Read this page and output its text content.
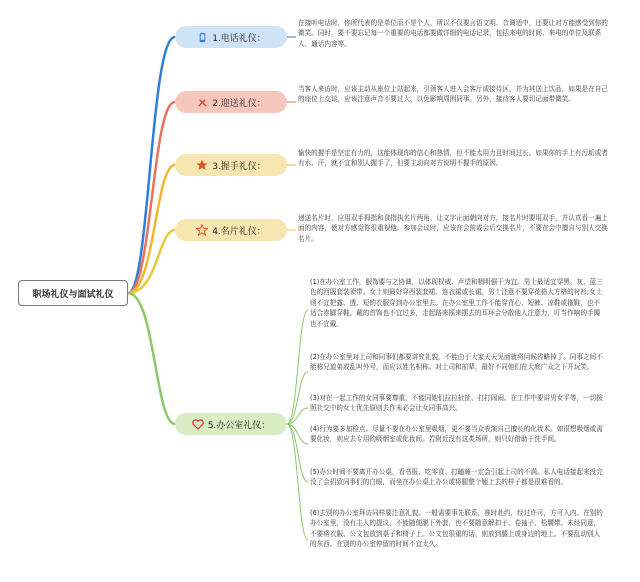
职场礼仪与面试礼仪
1.电话礼仪：
在接听电话时，你所代表的是单位而不是个人，所以不仅要言语文明、音调适中，还要让对方能感受到你的微笑。同时，要不要忘记每一个重要的电话都要做详细的电话记录，包括来电的时间、来电的单位及联系人、通话内容等。
2.迎送礼仪：
当客人来访时，应该主动从座位上站起来，引领客人进入会客厅或接待区，并为其送上饮品，如果是在自己的座位上交谈，应该注意声音不要过大，以免影响周围同事。另外，接待客人要切记面带微笑。
3.握手礼仪：
愉快的握手是坚定有力的，这能体现你的信心和热情，但不能太用力且时间过长。如果你的手上有污垢或者有水、汗，就不宜和别人握手了，但要主动向对方说明不握手的原因。
4.名片礼仪：
递送名片时，应用双手拇指和食指执名片两角，让文字正面朝向对方，接名片时要用双手，并认真看一遍上面的内容，使对方感觉你很重视他。参加会议时，应该在会前或会后交换名片，不要在会中擅自与别人交换名片。
5.办公室礼仪：
(1)在办公室工作，服饰要与之协调，以体现权威、声望和精明强干为宜。男士最适宜穿黑、灰、蓝三色的西服套装领带。女士则最好穿西装套裙、连衣裙或长裙。男士注意不要穿花格大方格的衬衫;女士则不宜把露、透、短的衣服穿到办公室里去。在办公室里工作不能穿背心、短裤、凉鞋或拖鞋，也不适合赤脚穿鞋。戴的首饰也不宜过多，走起路来摇来摆去的耳环会分散他人注意力，叮当作响的手镯也不宜戴。
(2)在办公室里对上司和同事们都要讲究礼貌，不能由于大家天天见面就将问候省略掉了。同事之间不能称兄道弟或乱叫外号，而应以姓名相称。对上司和前辈，最好不同他们在大庭广众之下开玩笑。
(3)对在一起工作的女同事要尊重，不能同她们拉拉扯扯、打打闹闹。在工作中要讲男女平等，一切按照社交中的女士优先原则去作未必会让女同事高兴。
(4)行为要多加检点。尽量不要在办公室里吸烟，更不要当众表演自己擅长的化妆术。如很想吸烟或需要化妆，则应去专用的吸烟室或化妆间。若附近没有这类场所，则只好借助于洗手间。
(5)办公时间不要离开办公桌，看书报、吃零食、打瞌睡一定会引起上司的不满。私人电话接起来没完没了会招致同事们的白眼，而坐在办公桌上办公或将腿整个翘上去的样子都是很难看的。
(6)去别的办公室拜访同样要注意礼貌。一般需要事先联系，准时赴约，经过许可，方可入内。在别的办公室里，没有主人的提议，不能随便脱下外套，也不要随意解扣子、卷袖子、松腰带。未经同意，不要将衣服、公文包放到桌子和椅子上。公文包很重的话，则放到腿上或身边的地上。不要乱动别人的东西。在别的办公室停留的时间不宜太久。
